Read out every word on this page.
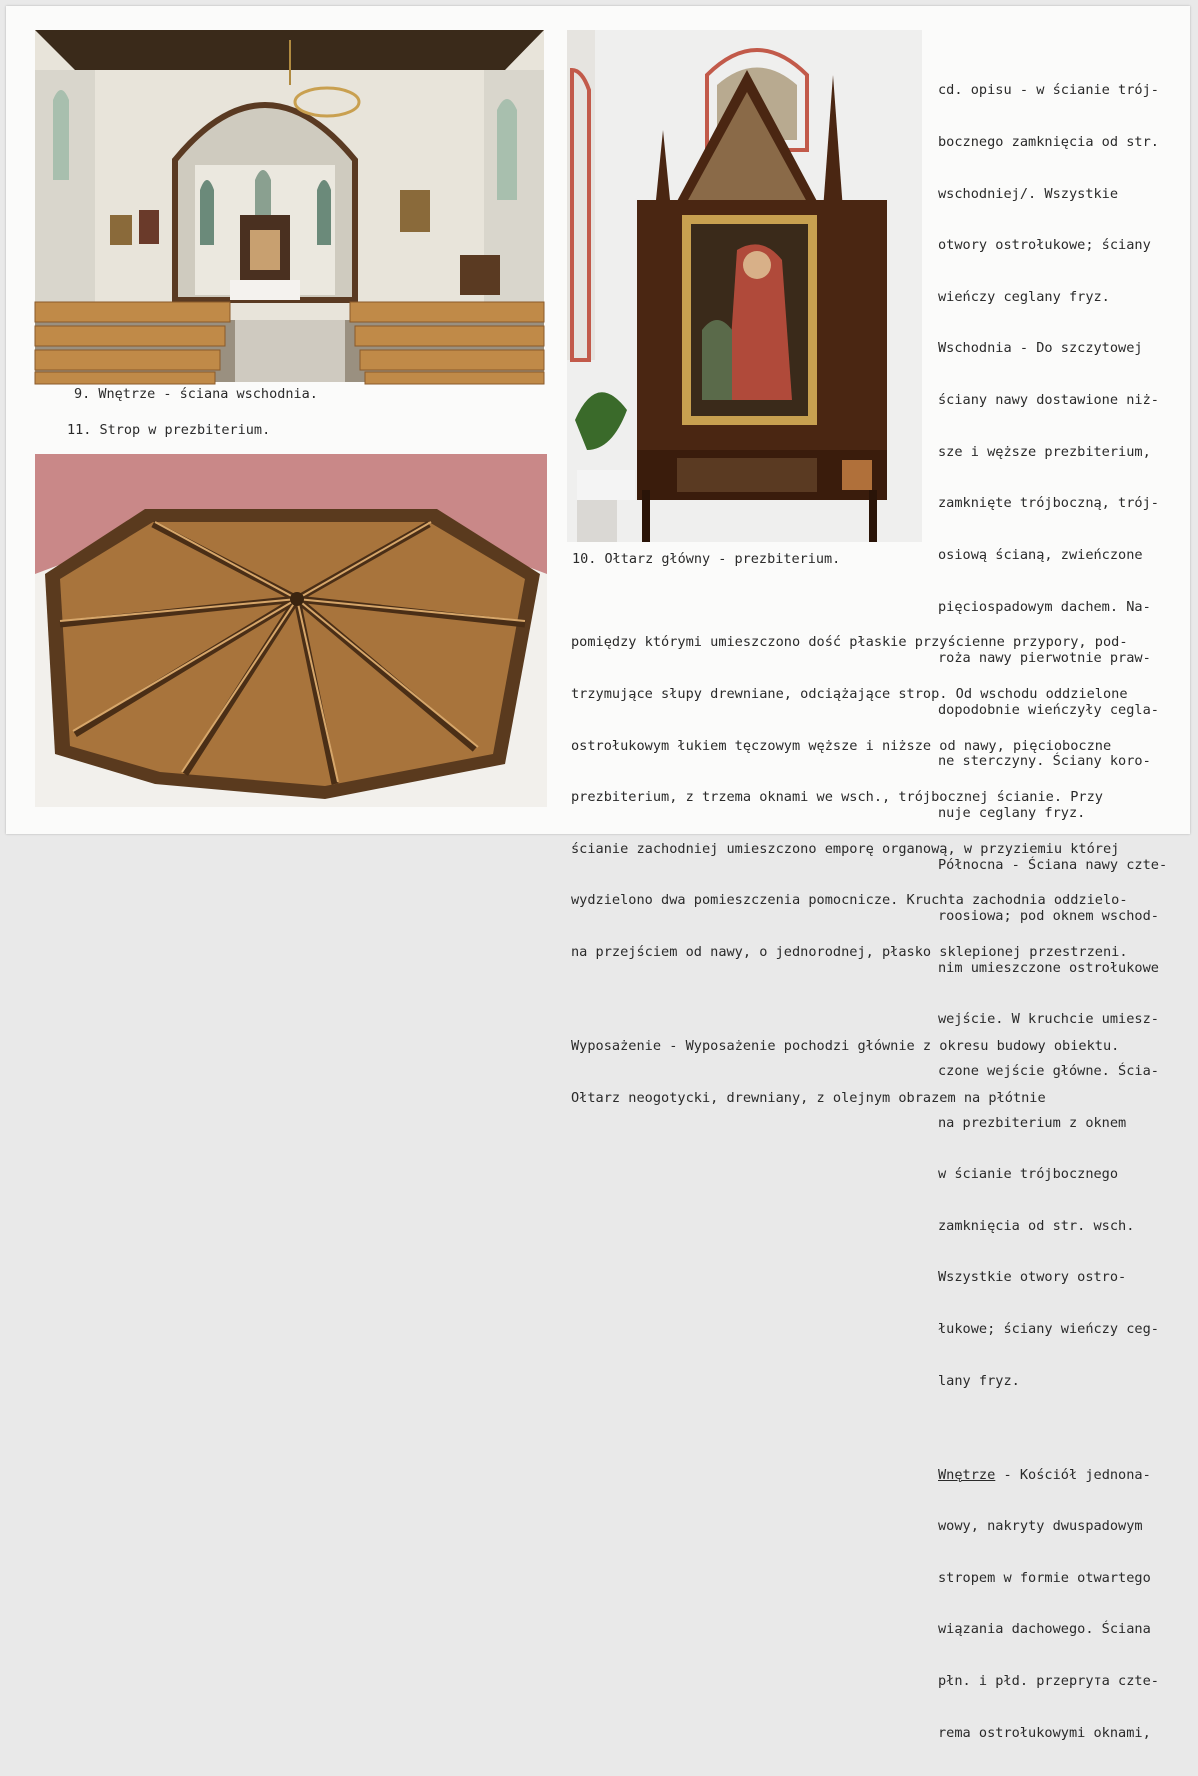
9. Wnętrze - ściana wschodnia.
11. Strop w prezbiterium.
10. Ołtarz główny - prezbiterium.

cd. opisu - w ścianie trój-

bocznego zamknięcia od str.

wschodniej/. Wszystkie

otwory ostrołukowe; ściany

wieńczy ceglany fryz.

Wschodnia - Do szczytowej

ściany nawy dostawione niż-

sze i węższe prezbiterium,

zamknięte trójboczną, trój-

osiową ścianą, zwieńczone

pięciospadowym dachem. Na-

roża nawy pierwotnie praw-

dopodobnie wieńczyły cegla-

ne sterczyny. Ściany koro-

nuje ceglany fryz.

Północna - Ściana nawy czte-

roosiowa; pod oknem wschod-

nim umieszczone ostrołukowe

wejście. W kruchcie umiesz-

czone wejście główne. Ścia-

na prezbiterium z oknem

w ścianie trójbocznego

zamknięcia od str. wsch.

Wszystkie otwory ostro-

łukowe; ściany wieńczy ceg-

lany fryz.

Wnętrze - Kościół jednona-

wowy, nakryty dwuspadowym

stropem w formie otwartego

wiązania dachowego. Ściana

płn. i płd. przeprута czte-

rema ostrołukowymi oknami,

pomiędzy którymi umieszczono dość płaskie przyścienne przypory, pod-

trzymujące słupy drewniane, odciążające strop. Od wschodu oddzielone

ostrołukowym łukiem tęczowym węższe i niższe od nawy, pięcioboczne

prezbiterium, z trzema oknami we wsch., trójbocznej ścianie. Przy

ścianie zachodniej umieszczono emporę organową, w przyziemiu której

wydzielono dwa pomieszczenia pomocnicze. Kruchta zachodnia oddzielo-

na przejściem od nawy, o jednorodnej, płasko sklepionej przestrzeni.

Wyposażenie - Wyposażenie pochodzi głównie z okresu budowy obiektu.

Ołtarz neogotycki, drewniany, z olejnym obrazem na płótnie
